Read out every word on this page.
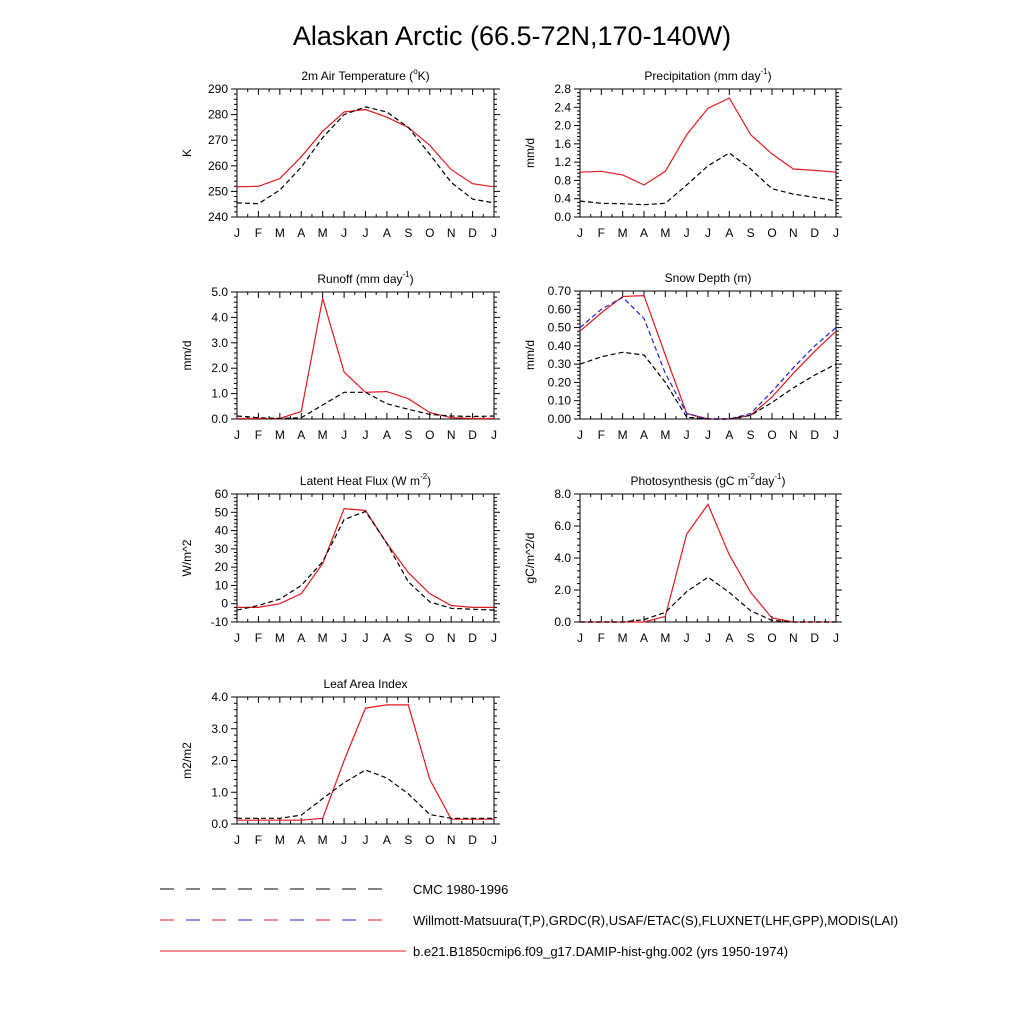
Alaskan Arctic (66.5-72N,170-140W)
2m Air Temperature (oK)
J F M A M J J A S O N D J
240
250
260
270
280
290
K
Precipitation (mm day-1)
J F M A M J J A S O N D J
0.0
0.4
0.8
1.2
1.6
2.0
2.4
2.8
mm/d
Runoff (mm day-1)
J F M A M J J A S O N D J
0.0
1.0
2.0
3.0
4.0
5.0
mm/d
Snow Depth (m)
J F M A M J J A S O N D J
0.00
0.10
0.20
0.30
0.40
0.50
0.60
0.70
mm/d
Latent Heat Flux (W m-2)
J F M A M J J A S O N D J
-10
0
10
20
30
40
50
60
W/m^2
Photosynthesis (gC m-2day-1)
J F M A M J J A S O N D J
0.0
2.0
4.0
6.0
8.0
gC/m^2/d
Leaf Area Index
J F M A M J J A S O N D J
0.0
1.0
2.0
3.0
4.0
m2/m2
CMC 1980-1996
Willmott-Matsuura(T,P),GRDC(R),USAF/ETAC(S),FLUXNET(LHF,GPP),MODIS(LAI)
b.e21.B1850cmip6.f09_g17.DAMIP-hist-ghg.002 (yrs 1950-1974)
